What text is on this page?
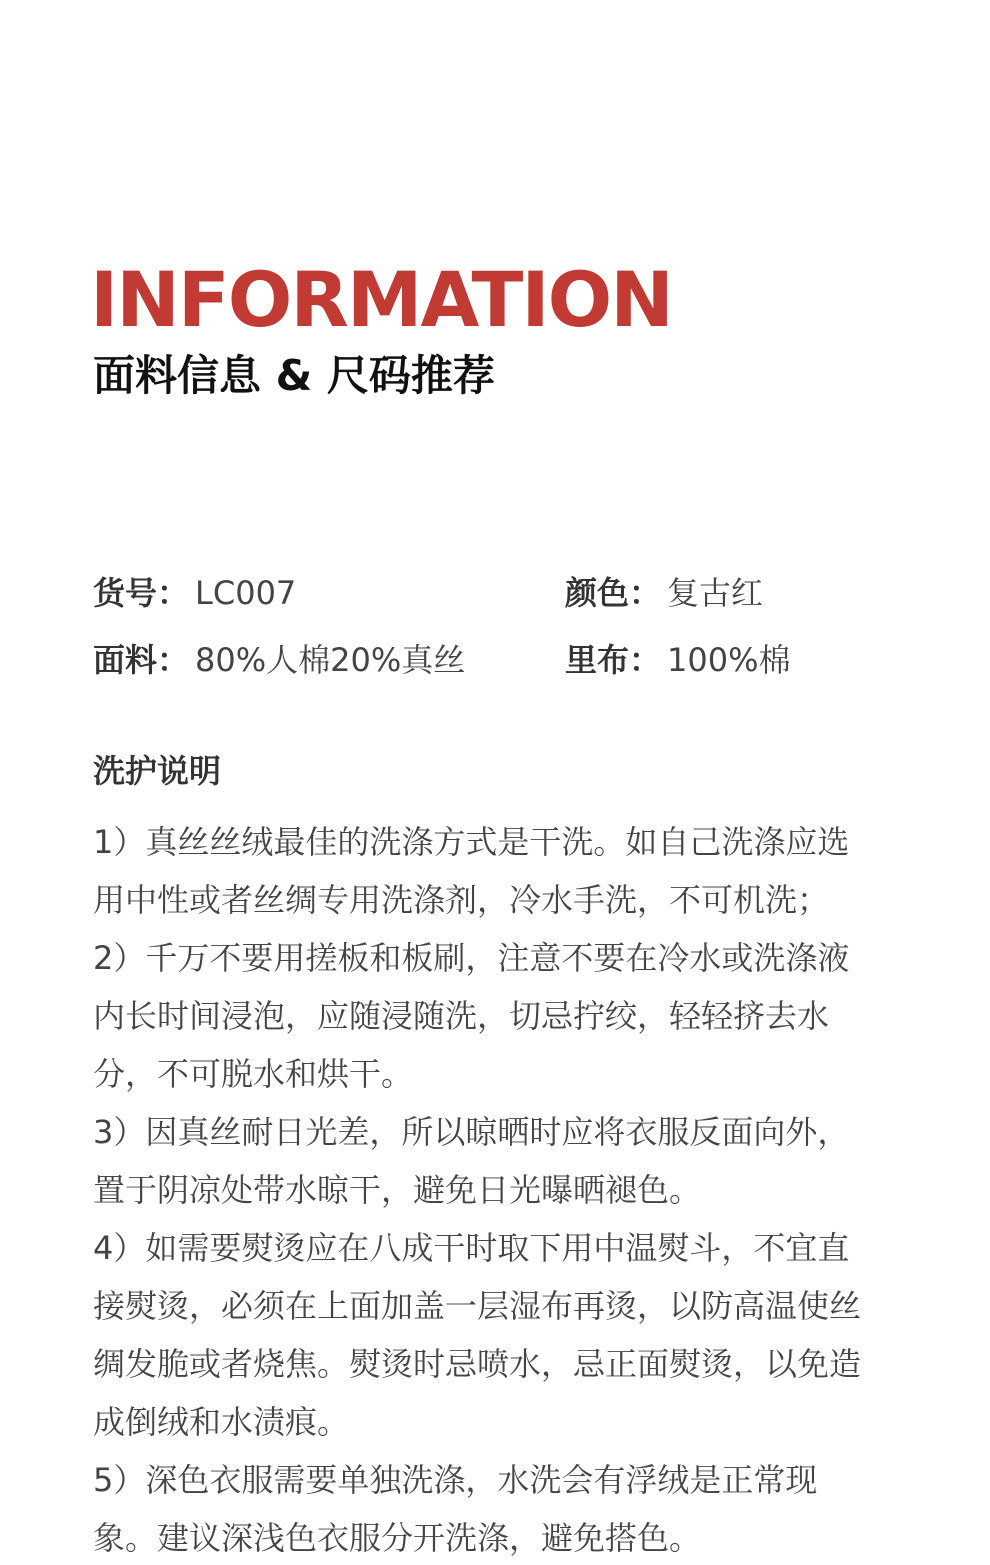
INFORMATION
面料信息 & 尺码推荐
货号： LC007	颜色： 复古红
面料： 80%人棉20%真丝	里布： 100%棉
洗护说明

1）真丝丝绒最佳的洗涤方式是干洗。如自己洗涤应选

用中性或者丝绸专用洗涤剂，冷水手洗，不可机洗；

2）千万不要用搓板和板刷，注意不要在冷水或洗涤液

内长时间浸泡，应随浸随洗，切忌拧绞，轻轻挤去水

分，不可脱水和烘干。

3）因真丝耐日光差，所以晾晒时应将衣服反面向外，

置于阴凉处带水晾干，避免日光曝晒褪色。

4）如需要熨烫应在八成干时取下用中温熨斗，不宜直

接熨烫，必须在上面加盖一层湿布再烫，以防高温使丝

绸发脆或者烧焦。熨烫时忌喷水，忌正面熨烫，以免造

成倒绒和水渍痕。

5）深色衣服需要单独洗涤，水洗会有浮绒是正常现

象。建议深浅色衣服分开洗涤，避免搭色。
